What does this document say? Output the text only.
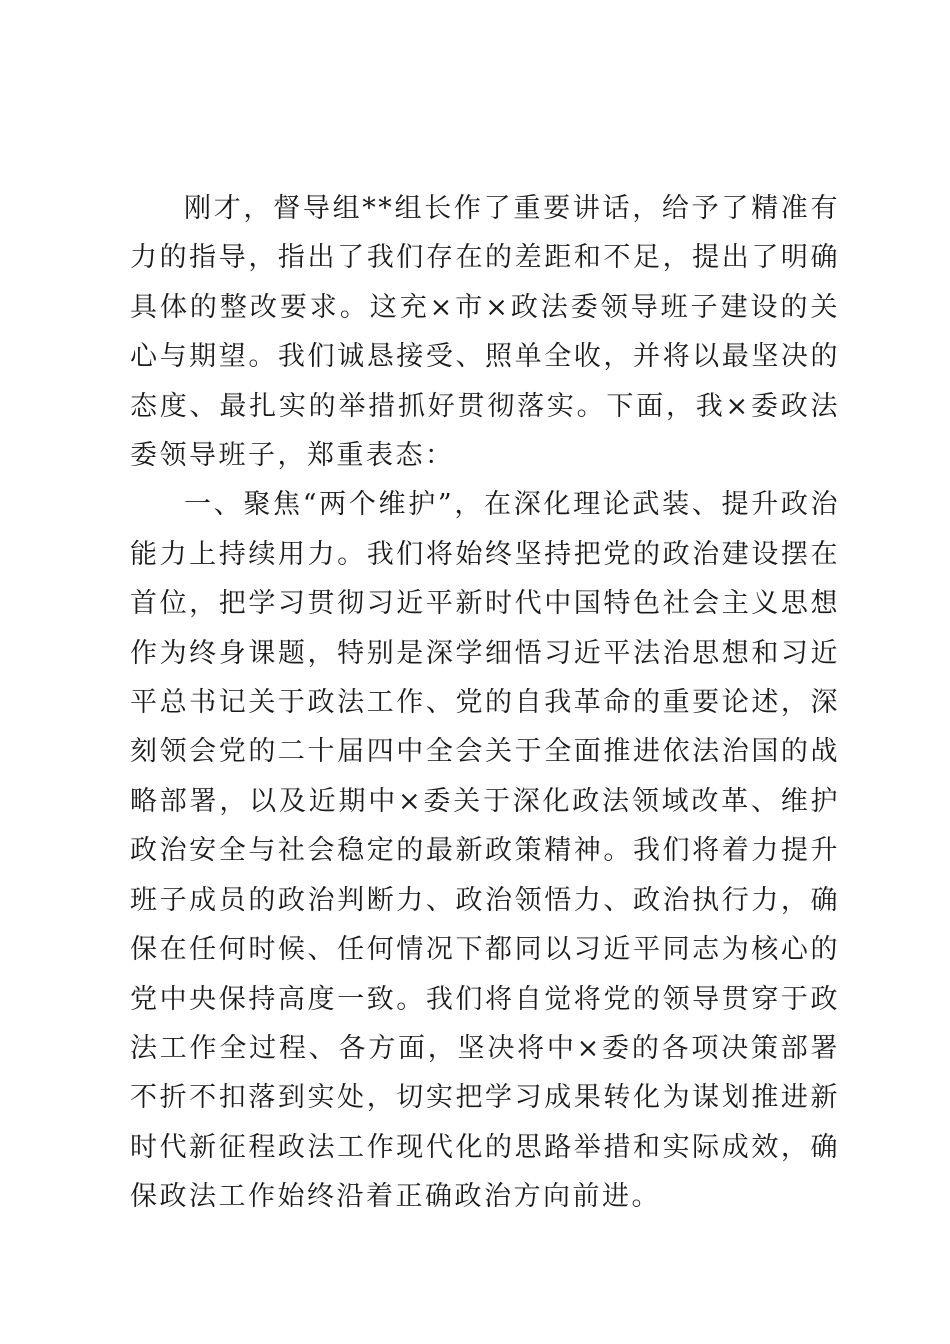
刚才，督导组**组长作了重要讲话，给予了精准有力的指导，指出了我们存在的差距和不足，提出了明确具体的整改要求。这充×市×政法委领导班子建设的关心与期望。我们诚恳接受、照单全收，并将以最坚决的态度、最扎实的举措抓好贯彻落实。下面，我×委政法委领导班子，郑重表态：

一、聚焦“两个维护”，在深化理论武装、提升政治能力上持续用力。我们将始终坚持把党的政治建设摆在首位，把学习贯彻习近平新时代中国特色社会主义思想作为终身课题，特别是深学细悟习近平法治思想和习近平总书记关于政法工作、党的自我革命的重要论述，深刻领会党的二十届四中全会关于全面推进依法治国的战略部署，以及近期中×委关于深化政法领域改革、维护政治安全与社会稳定的最新政策精神。我们将着力提升班子成员的政治判断力、政治领悟力、政治执行力，确保在任何时候、任何情况下都同以习近平同志为核心的党中央保持高度一致。我们将自觉将党的领导贯穿于政法工作全过程、各方面，坚决将中×委的各项决策部署不折不扣落到实处，切实把学习成果转化为谋划推进新时代新征程政法工作现代化的思路举措和实际成效，确保政法工作始终沿着正确政治方向前进。
